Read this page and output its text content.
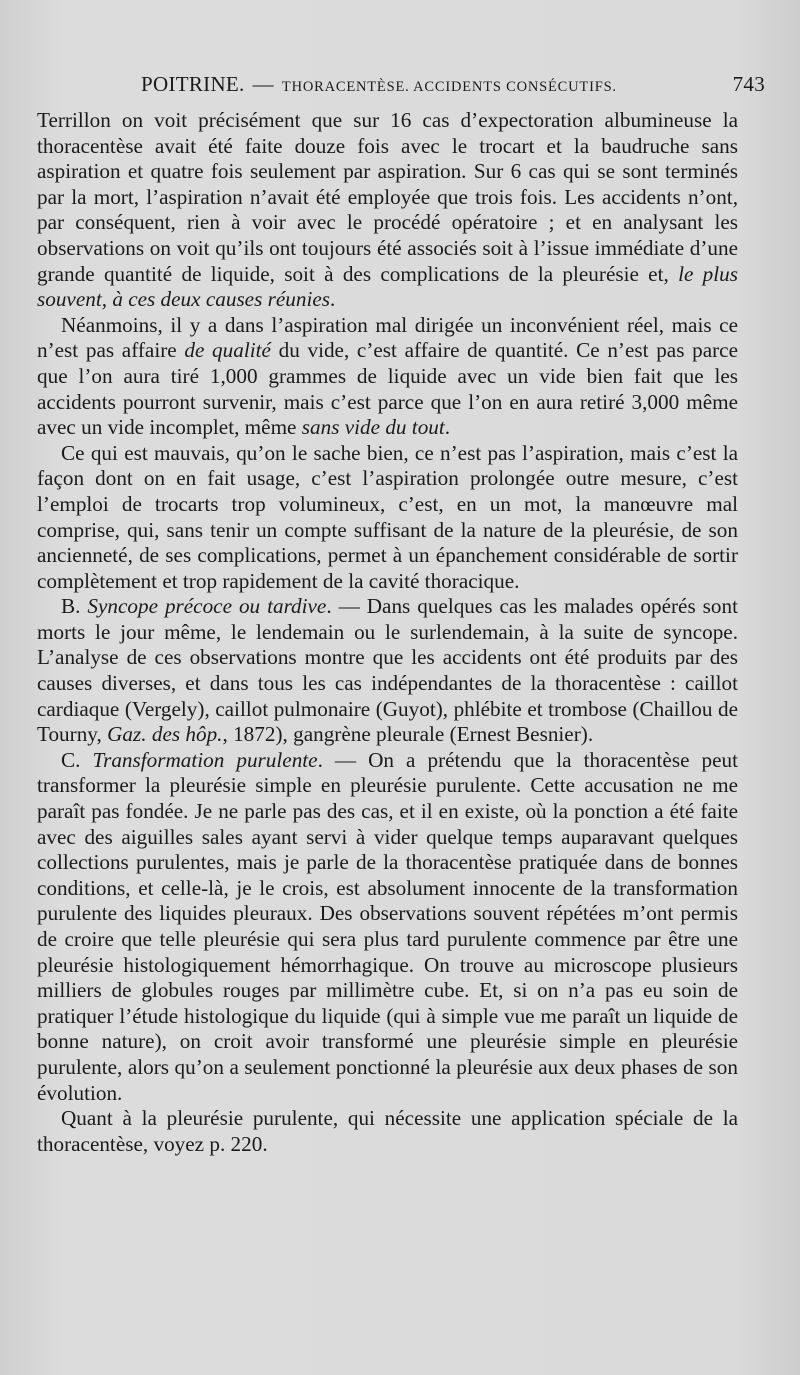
POITRINE. — THORACENTÈSE. ACCIDENTS CONSÉCUTIFS.	743

Terrillon on voit précisément que sur 16 cas d’expectoration albumineuse la thoracentèse avait été faite douze fois avec le trocart et la baudruche sans aspiration et quatre fois seulement par aspiration. Sur 6 cas qui se sont terminés par la mort, l’aspiration n’avait été employée que trois fois. Les accidents n’ont, par conséquent, rien à voir avec le procédé opératoire ; et en analysant les observations on voit qu’ils ont toujours été associés soit à l’issue immédiate d’une grande quantité de liquide, soit à des complications de la pleurésie et, le plus souvent, à ces deux causes réunies.

Néanmoins, il y a dans l’aspiration mal dirigée un inconvénient réel, mais ce n’est pas affaire de qualité du vide, c’est affaire de quantité. Ce n’est pas parce que l’on aura tiré 1,000 grammes de liquide avec un vide bien fait que les accidents pourront survenir, mais c’est parce que l’on en aura retiré 3,000 même avec un vide incomplet, même sans vide du tout.

Ce qui est mauvais, qu’on le sache bien, ce n’est pas l’aspiration, mais c’est la façon dont on en fait usage, c’est l’aspiration prolongée outre mesure, c’est l’emploi de trocarts trop volumineux, c’est, en un mot, la manœuvre mal comprise, qui, sans tenir un compte suffisant de la nature de la pleurésie, de son ancienneté, de ses complications, permet à un épanchement considérable de sortir complètement et trop rapidement de la cavité thoracique.

B. Syncope précoce ou tardive. — Dans quelques cas les malades opérés sont morts le jour même, le lendemain ou le surlendemain, à la suite de syncope. L’analyse de ces observations montre que les accidents ont été produits par des causes diverses, et dans tous les cas indépendantes de la thoracentèse : caillot cardiaque (Vergely), caillot pulmonaire (Guyot), phlébite et trombose (Chaillou de Tourny, Gaz. des hôp., 1872), gangrène pleurale (Ernest Besnier).

C. Transformation purulente. — On a prétendu que la thoracentèse peut transformer la pleurésie simple en pleurésie purulente. Cette accusation ne me paraît pas fondée. Je ne parle pas des cas, et il en existe, où la ponction a été faite avec des aiguilles sales ayant servi à vider quelque temps auparavant quelques collections purulentes, mais je parle de la thoracentèse pratiquée dans de bonnes conditions, et celle-là, je le crois, est absolument innocente de la transformation purulente des liquides pleuraux. Des observations souvent répétées m’ont permis de croire que telle pleurésie qui sera plus tard purulente commence par être une pleurésie histologiquement hémorrhagique. On trouve au microscope plusieurs milliers de globules rouges par millimètre cube. Et, si on n’a pas eu soin de pratiquer l’étude histologique du liquide (qui à simple vue me paraît un liquide de bonne nature), on croit avoir transformé une pleurésie simple en pleurésie purulente, alors qu’on a seulement ponctionné la pleurésie aux deux phases de son évolution.

Quant à la pleurésie purulente, qui nécessite une application spéciale de la thoracentèse, voyez p. 220.
